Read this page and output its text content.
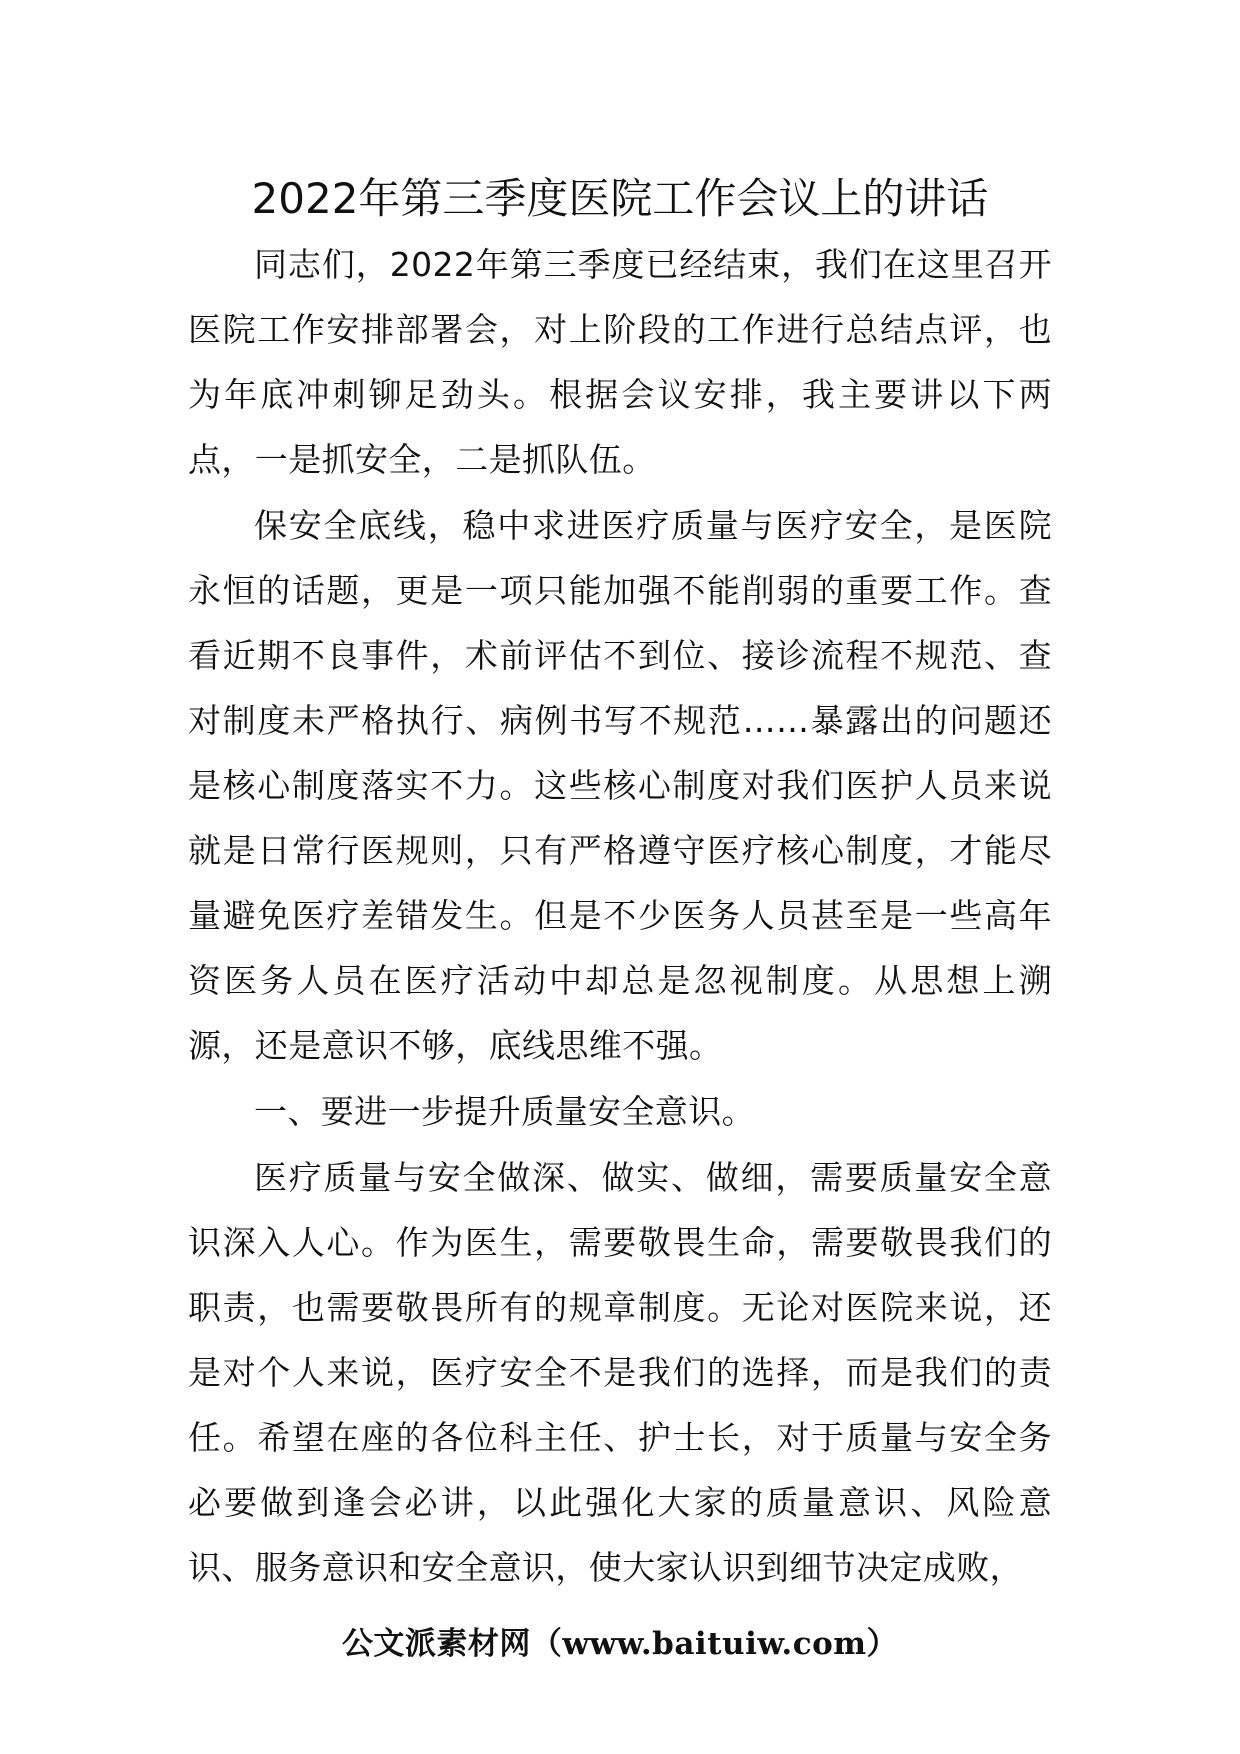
2022年第三季度医院工作会议上的讲话

同志们，2022年第三季度已经结束，我们在这里召开医院工作安排部署会，对上阶段的工作进行总结点评，也为年底冲刺铆足劲头。根据会议安排，我主要讲以下两点，一是抓安全，二是抓队伍。

保安全底线，稳中求进医疗质量与医疗安全，是医院永恒的话题，更是一项只能加强不能削弱的重要工作。查看近期不良事件，术前评估不到位、接诊流程不规范、查对制度未严格执行、病例书写不规范……暴露出的问题还是核心制度落实不力。这些核心制度对我们医护人员来说就是日常行医规则，只有严格遵守医疗核心制度，才能尽量避免医疗差错发生。但是不少医务人员甚至是一些高年资医务人员在医疗活动中却总是忽视制度。从思想上溯源，还是意识不够，底线思维不强。

一、要进一步提升质量安全意识。

医疗质量与安全做深、做实、做细，需要质量安全意识深入人心。作为医生，需要敬畏生命，需要敬畏我们的职责，也需要敬畏所有的规章制度。无论对医院来说，还是对个人来说，医疗安全不是我们的选择，而是我们的责任。希望在座的各位科主任、护士长，对于质量与安全务必要做到逢会必讲，以此强化大家的质量意识、风险意识、服务意识和安全意识，使大家认识到细节决定成败，

公文派素材网（www.baituiw.com）
